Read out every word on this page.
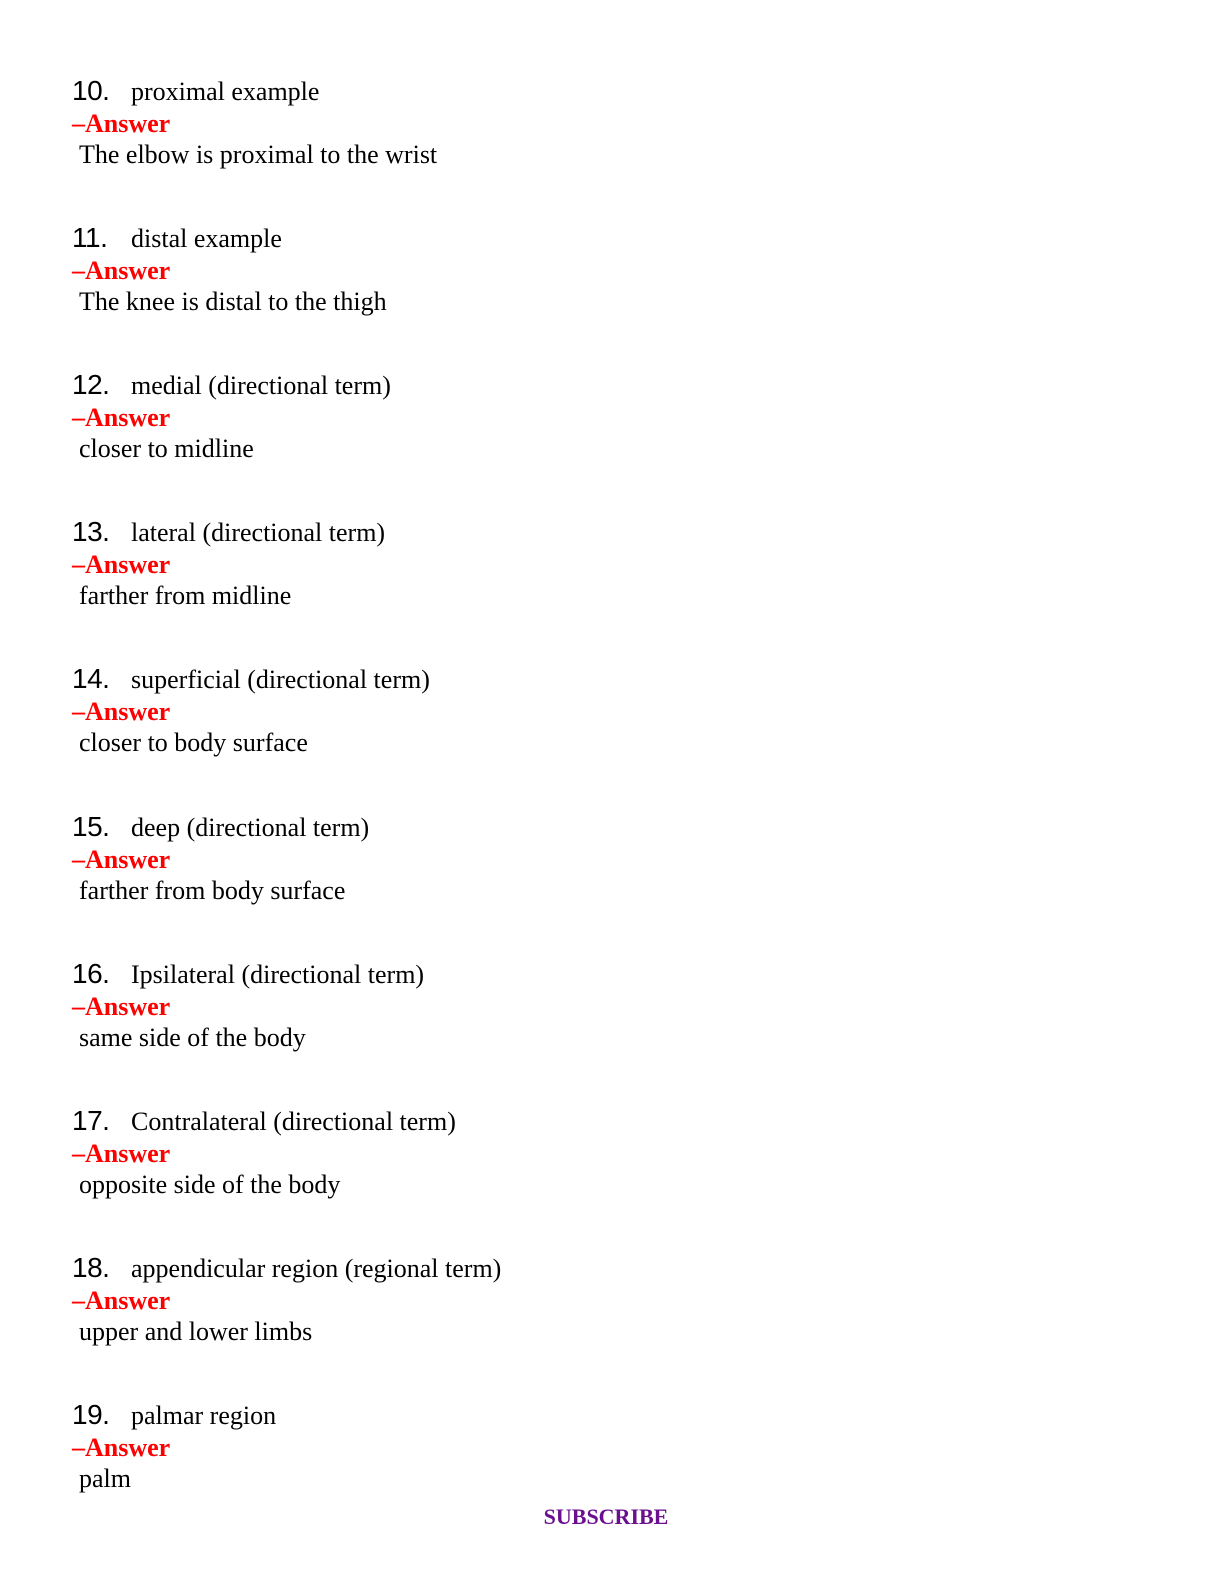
10. proximal example
–Answer
The elbow is proximal to the wrist
11. distal example
–Answer
The knee is distal to the thigh
12. medial (directional term)
–Answer
closer to midline
13. lateral (directional term)
–Answer
farther from midline
14. superficial (directional term)
–Answer
closer to body surface
15. deep (directional term)
–Answer
farther from body surface
16. Ipsilateral (directional term)
–Answer
same side of the body
17. Contralateral (directional term)
–Answer
opposite side of the body
18. appendicular region (regional term)
–Answer
upper and lower limbs
19. palmar region
–Answer
palm
SUBSCRIBE
